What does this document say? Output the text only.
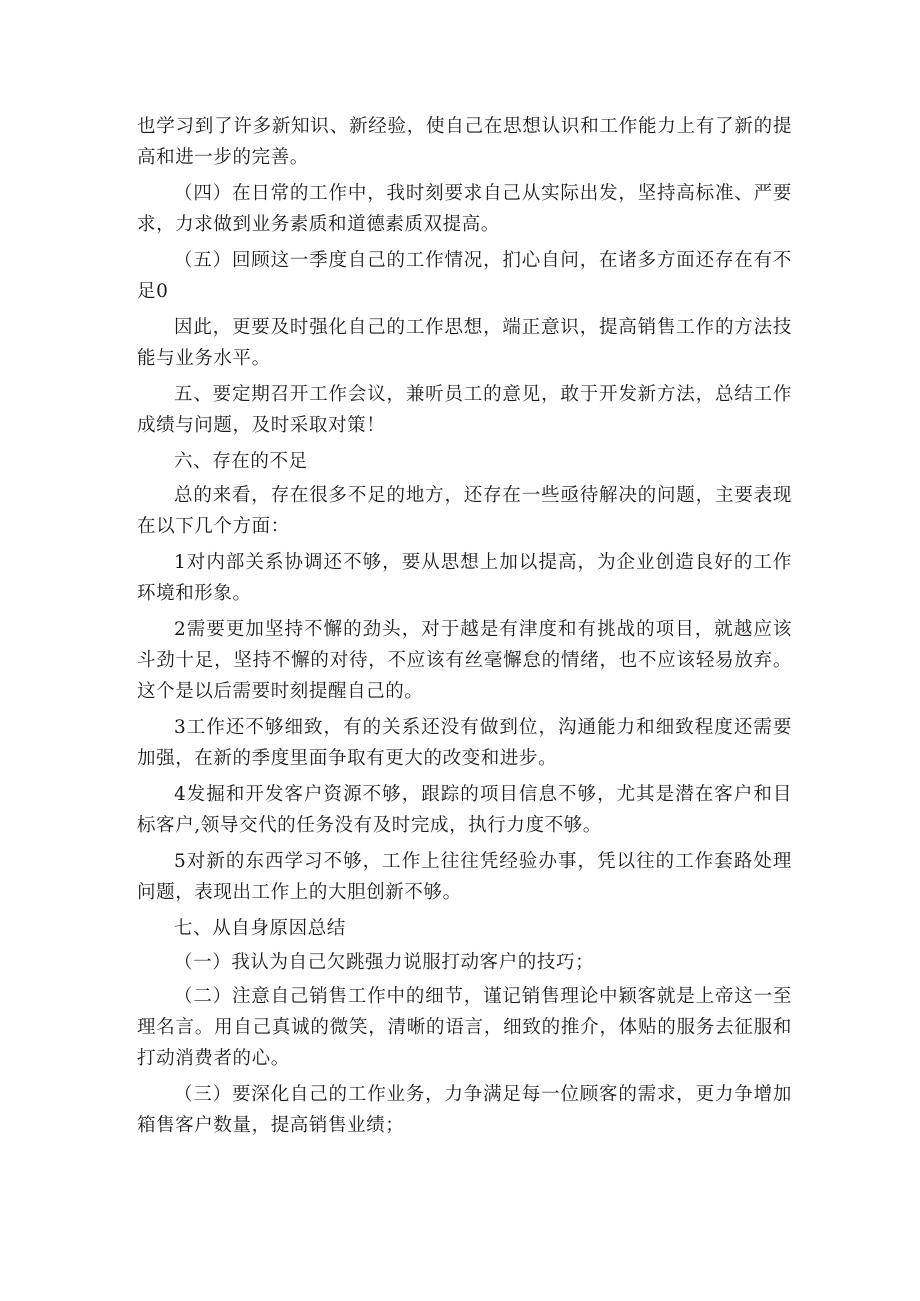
也学习到了许多新知识、新经验，使自己在思想认识和工作能力上有了新的提高和进一步的完善。

（四）在日常的工作中，我时刻要求自己从实际出发，坚持高标准、严要求，力求做到业务素质和道德素质双提高。

（五）回顾这一季度自己的工作情况，扪心自问，在诸多方面还存在有不足0

因此，更要及时强化自己的工作思想，端正意识，提高销售工作的方法技能与业务水平。

五、要定期召开工作会议，兼听员工的意见，敢于开发新方法，总结工作成绩与问题，及时采取对策！

六、存在的不足

总的来看，存在很多不足的地方，还存在一些亟待解决的问题，主要表现在以下几个方面：

1对内部关系协调还不够，要从思想上加以提高，为企业创造良好的工作环境和形象。

2需要更加坚持不懈的劲头，对于越是有津度和有挑战的项目，就越应该斗劲十足，坚持不懈的对待，不应该有丝毫懈怠的情绪，也不应该轻易放弃。这个是以后需要时刻提醒自己的。

3工作还不够细致，有的关系还没有做到位，沟通能力和细致程度还需要加强，在新的季度里面争取有更大的改变和进步。

4发掘和开发客户资源不够，跟踪的项目信息不够，尤其是潜在客户和目标客户,领导交代的任务没有及时完成，执行力度不够。

5对新的东西学习不够，工作上往往凭经验办事，凭以往的工作套路处理问题，表现出工作上的大胆创新不够。

七、从自身原因总结

（一）我认为自己欠跳强力说服打动客户的技巧；

（二）注意自己销售工作中的细节，谨记销售理论中颖客就是上帝这一至理名言。用自己真诚的微笑，清晰的语言，细致的推介，体贴的服务去征服和打动消费者的心。

（三）要深化自己的工作业务，力争满足每一位顾客的需求，更力争增加箱售客户数量，提高销售业绩；
